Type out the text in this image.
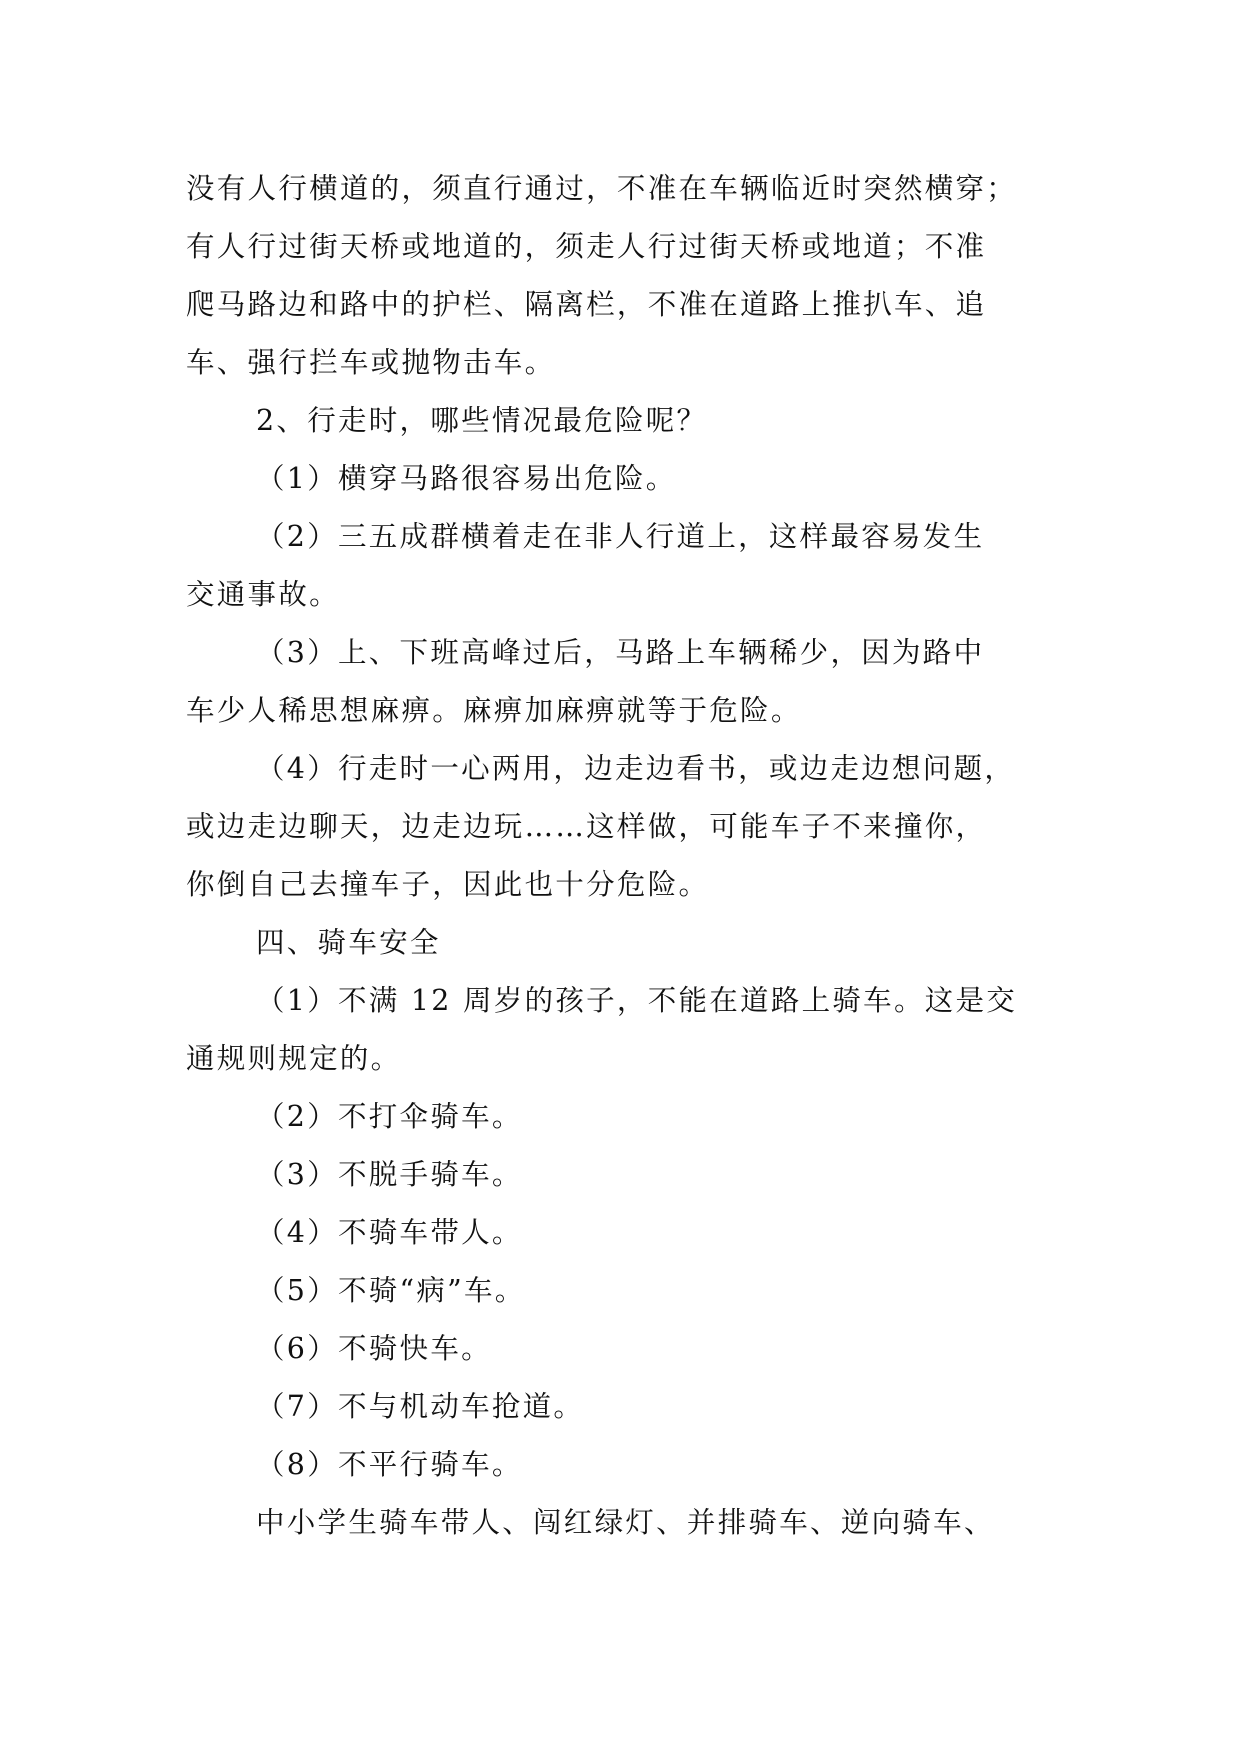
没有人行横道的，须直行通过，不准在车辆临近时突然横穿；
有人行过街天桥或地道的，须走人行过街天桥或地道；不准
爬马路边和路中的护栏、隔离栏，不准在道路上推扒车、追
车、强行拦车或抛物击车。
2、行走时，哪些情况最危险呢？
（1）横穿马路很容易出危险。
（2）三五成群横着走在非人行道上，这样最容易发生
交通事故。
（3）上、下班高峰过后，马路上车辆稀少，因为路中
车少人稀思想麻痹。麻痹加麻痹就等于危险。
（4）行走时一心两用，边走边看书，或边走边想问题，
或边走边聊天，边走边玩……这样做，可能车子不来撞你，
你倒自己去撞车子，因此也十分危险。
四、骑车安全
（1）不满 12 周岁的孩子，不能在道路上骑车。这是交
通规则规定的。
（2）不打伞骑车。
（3）不脱手骑车。
（4）不骑车带人。
（5）不骑“病”车。
（6）不骑快车。
（7）不与机动车抢道。
（8）不平行骑车。
中小学生骑车带人、闯红绿灯、并排骑车、逆向骑车、
